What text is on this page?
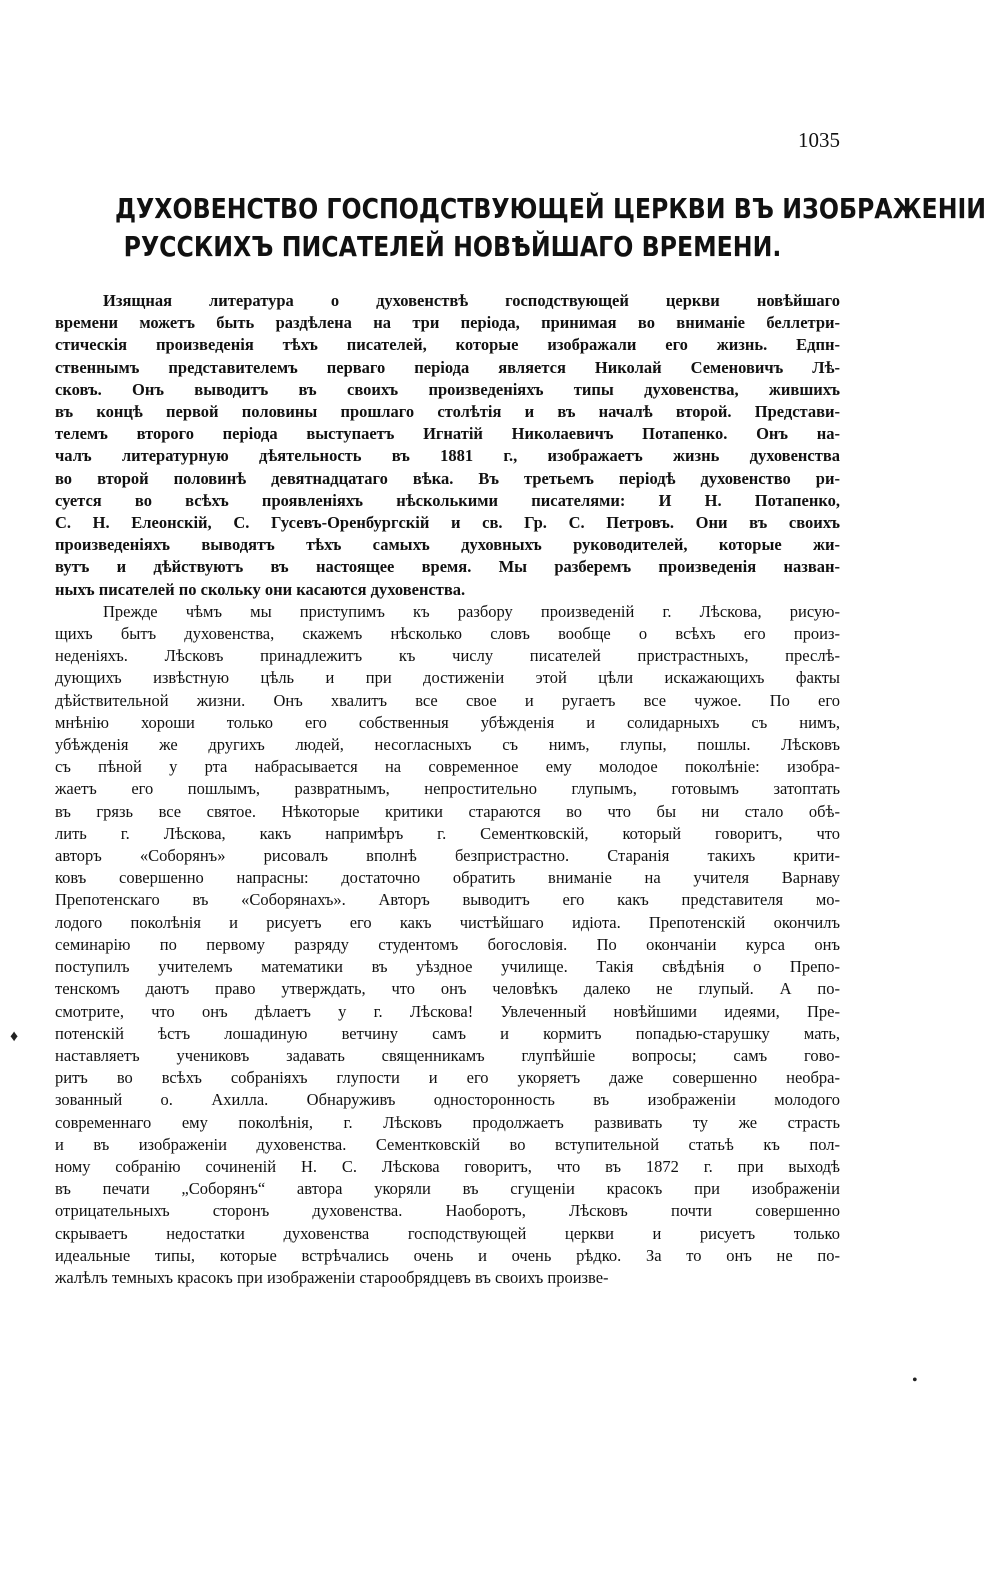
1035
ДУХОВЕНСТВО ГОСПОДСТВУЮЩЕЙ ЦЕРКВИ ВЪ ИЗОБРАЖЕНІИ
РУССКИХЪ ПИСАТЕЛЕЙ НОВѢЙШАГО ВРЕМЕНИ.

Изящная литература о духовенствѣ господствующей церкви новѣйшаго
времени можетъ быть раздѣлена на три періода, принимая во вниманіе беллетри-
стическія произведенія тѣхъ писателей, которые изображали его жизнь. Едпн-
ственнымъ представителемъ перваго періода является Николай Семеновичъ Лѣ-
сковъ. Онъ выводитъ въ своихъ произведеніяхъ типы духовенства, жившихъ
въ концѣ первой половины прошлаго столѣтія и въ началѣ второй. Представи-
телемъ второго періода выступаетъ Игнатій Николаевичъ Потапенко. Онъ на-
чалъ литературную дѣятельность въ 1881 г., изображаетъ жизнь духовенства
во второй половинѣ девятнадцатаго вѣка. Въ третьемъ періодѣ духовенство ри-
суется во всѣхъ проявленіяхъ нѣсколькими писателями: И Н. Потапенко,
С. Н. Елеонскій, С. Гусевъ-Оренбургскій и св. Гр. С. Петровъ. Они въ своихъ
произведеніяхъ выводятъ тѣхъ самыхъ духовныхъ руководителей, которые жи-
вутъ и дѣйствуютъ въ настоящее время. Мы разберемъ произведенія назван-
ныхъ писателей по скольку они касаются духовенства.

Прежде чѣмъ мы приступимъ къ разбору произведеній г. Лѣскова, рисую-
щихъ бытъ духовенства, скажемъ нѣсколько словъ вообще о всѣхъ его произ-
неденіяхъ. Лѣсковъ принадлежитъ къ числу писателей пристрастныхъ, преслѣ-
дующихъ извѣстную цѣль и при достиженіи этой цѣли искажающихъ факты
дѣйствительной жизни. Онъ хвалитъ все свое и ругаетъ все чужое. По его
мнѣнію хороши только его собственныя убѣжденія и солидарныхъ съ нимъ,
убѣжденія же другихъ людей, несогласныхъ съ нимъ, глупы, пошлы. Лѣсковъ
съ пѣной у рта набрасывается на современное ему молодое поколѣніе: изобра-
жаетъ его пошлымъ, развратнымъ, непростительно глупымъ, готовымъ затоптать
въ грязь все святое. Нѣкоторые критики стараются во что бы ни стало обѣ-
лить г. Лѣскова, какъ напримѣръ г. Сементковскій, который говоритъ, что
авторъ «Соборянъ» рисовалъ вполнѣ безпристрастно. Старанія такихъ крити-
ковъ совершенно напрасны: достаточно обратить вниманіе на учителя Варнаву
Препотенскаго въ «Соборянахъ». Авторъ выводитъ его какъ представителя мо-
лодого поколѣнія и рисуетъ его какъ чистѣйшаго идіота. Препотенскій окончилъ
семинарію по первому разряду студентомъ богословія. По окончаніи курса онъ
поступилъ учителемъ математики въ уѣздное училище. Такія свѣдѣнія о Препо-
тенскомъ даютъ право утверждать, что онъ человѣкъ далеко не глупый. А по-
смотрите, что онъ дѣлаетъ у г. Лѣскова! Увлеченный новѣйшими идеями, Пре-
потенскій ѣстъ лошадиную ветчину самъ и кормитъ попадью-старушку мать,
наставляетъ учениковъ задавать священникамъ глупѣйшіе вопросы; самъ гово-
ритъ во всѣхъ собраніяхъ глупости и его укоряетъ даже совершенно необра-
зованный о. Ахилла. Обнаруживъ односторонность въ изображеніи молодого
современнаго ему поколѣнія, г. Лѣсковъ продолжаетъ развивать ту же страсть
и въ изображеніи духовенства. Сементковскій во вступительной статьѣ къ пол-
ному собранію сочиненій Н. С. Лѣскова говоритъ, что въ 1872 г. при выходѣ
въ печати „Соборянъ“ автора укоряли въ сгущеніи красокъ при изображеніи
отрицательныхъ сторонъ духовенства. Наоборотъ, Лѣсковъ почти совершенно
скрываетъ недостатки духовенства господствующей церкви и рисуетъ только
идеальные типы, которые встрѣчались очень и очень рѣдко. За то онъ не по-
жалѣлъ темныхъ красокъ при изображеніи старообрядцевъ въ своихъ произве-

♦
•
